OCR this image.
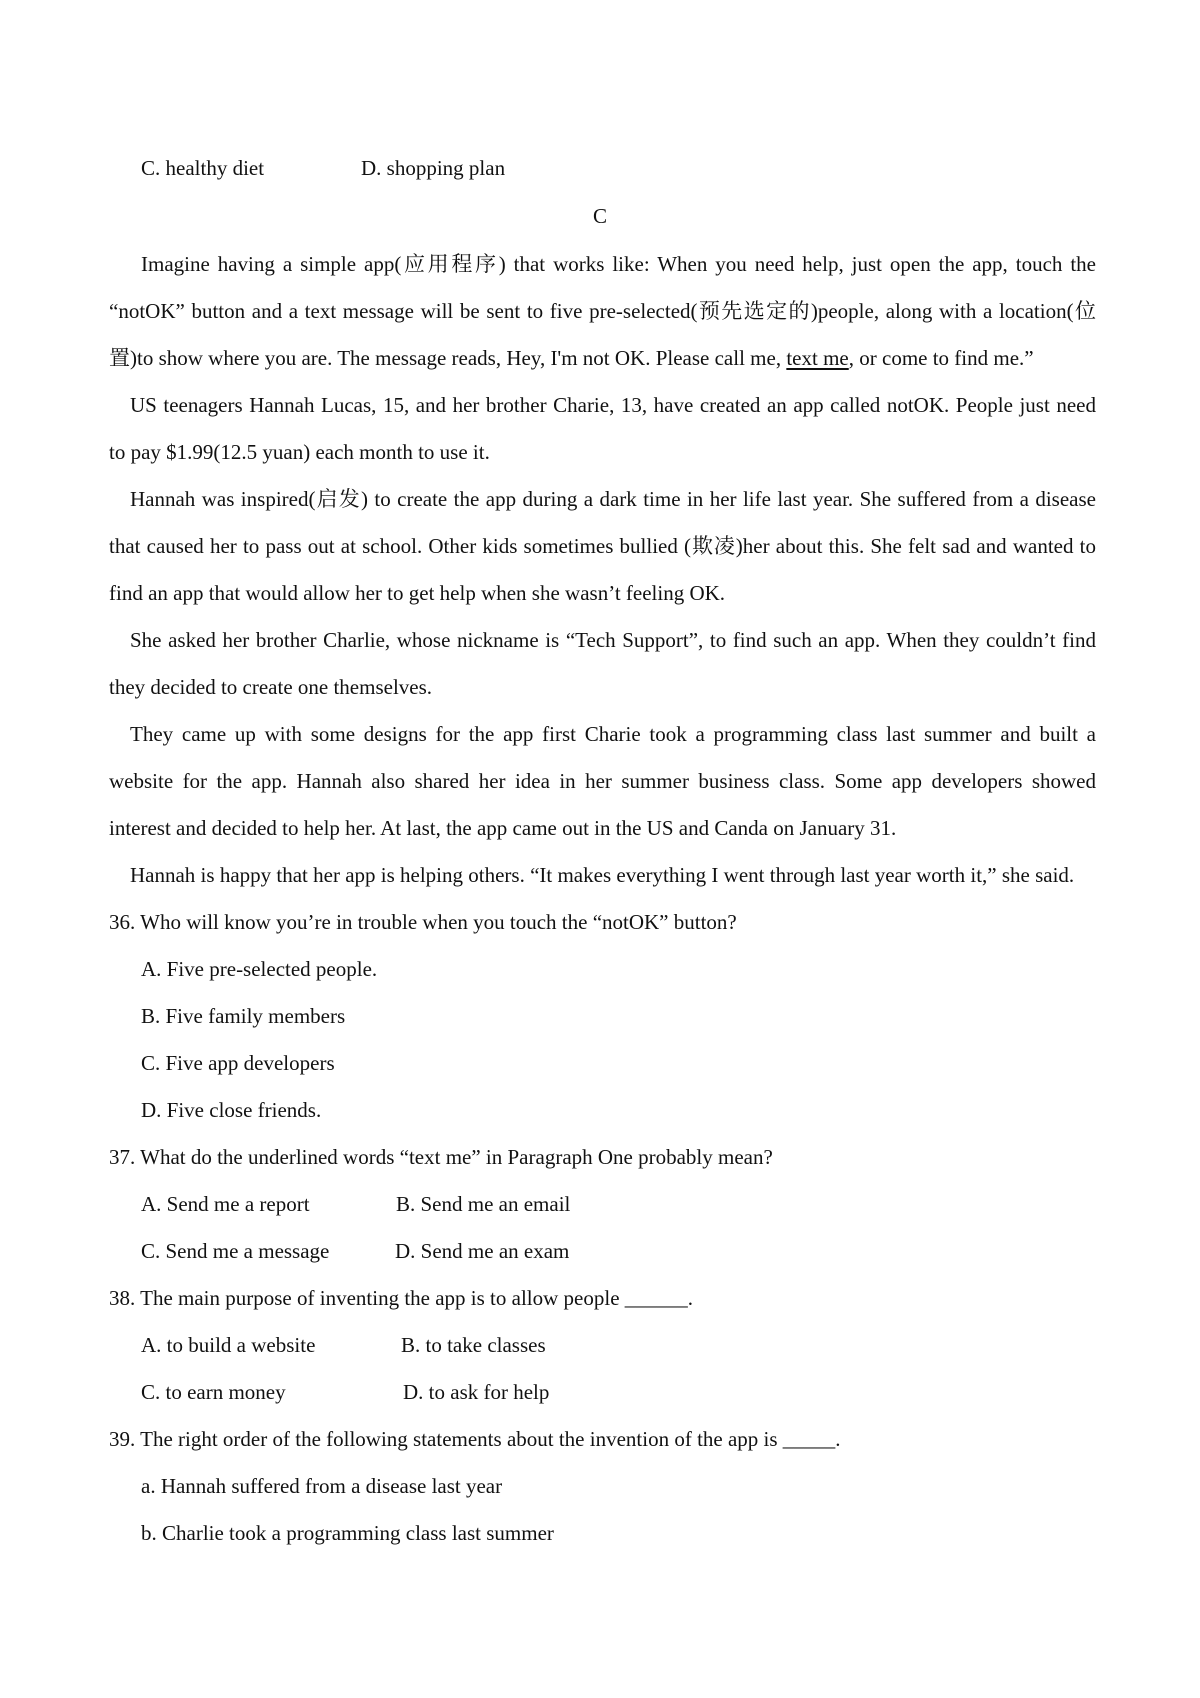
C. healthy diet	D. shopping plan
C
Imagine having a simple app(应用程序) that works like: When you need help, just open the app, touch the
“notOK” button and a text message will be sent to five pre-selected(预先选定的)people, along with a location(位
置)to show where you are. The message reads, Hey, I'm not OK. Please call me, text me, or come to find me.”
US teenagers Hannah Lucas, 15, and her brother Charie, 13, have created an app called notOK. People just need
to pay $1.99(12.5 yuan) each month to use it.
Hannah was inspired(启发) to create the app during a dark time in her life last year. She suffered from a disease
that caused her to pass out at school. Other kids sometimes bullied (欺凌)her about this. She felt sad and wanted to
find an app that would allow her to get help when she wasn’t feeling OK.
She asked her brother Charlie, whose nickname is “Tech Support”, to find such an app. When they couldn’t find
they decided to create one themselves.
They came up with some designs for the app first Charie took a programming class last summer and built a
website for the app. Hannah also shared her idea in her summer business class. Some app developers showed
interest and decided to help her. At last, the app came out in the US and Canda on January 31.
Hannah is happy that her app is helping others. “It makes everything I went through last year worth it,” she said.
36. Who will know you’re in trouble when you touch the “notOK” button?
A. Five pre-selected people.
B. Five family members
C. Five app developers
D. Five close friends.
37. What do the underlined words “text me” in Paragraph One probably mean?
A. Send me a report	B. Send me an email
C. Send me a message	D. Send me an exam
38. The main purpose of inventing the app is to allow people ______.
A. to build a website	B. to take classes
C. to earn money	D. to ask for help
39. The right order of the following statements about the invention of the app is _____.
a. Hannah suffered from a disease last year
b. Charlie took a programming class last summer
